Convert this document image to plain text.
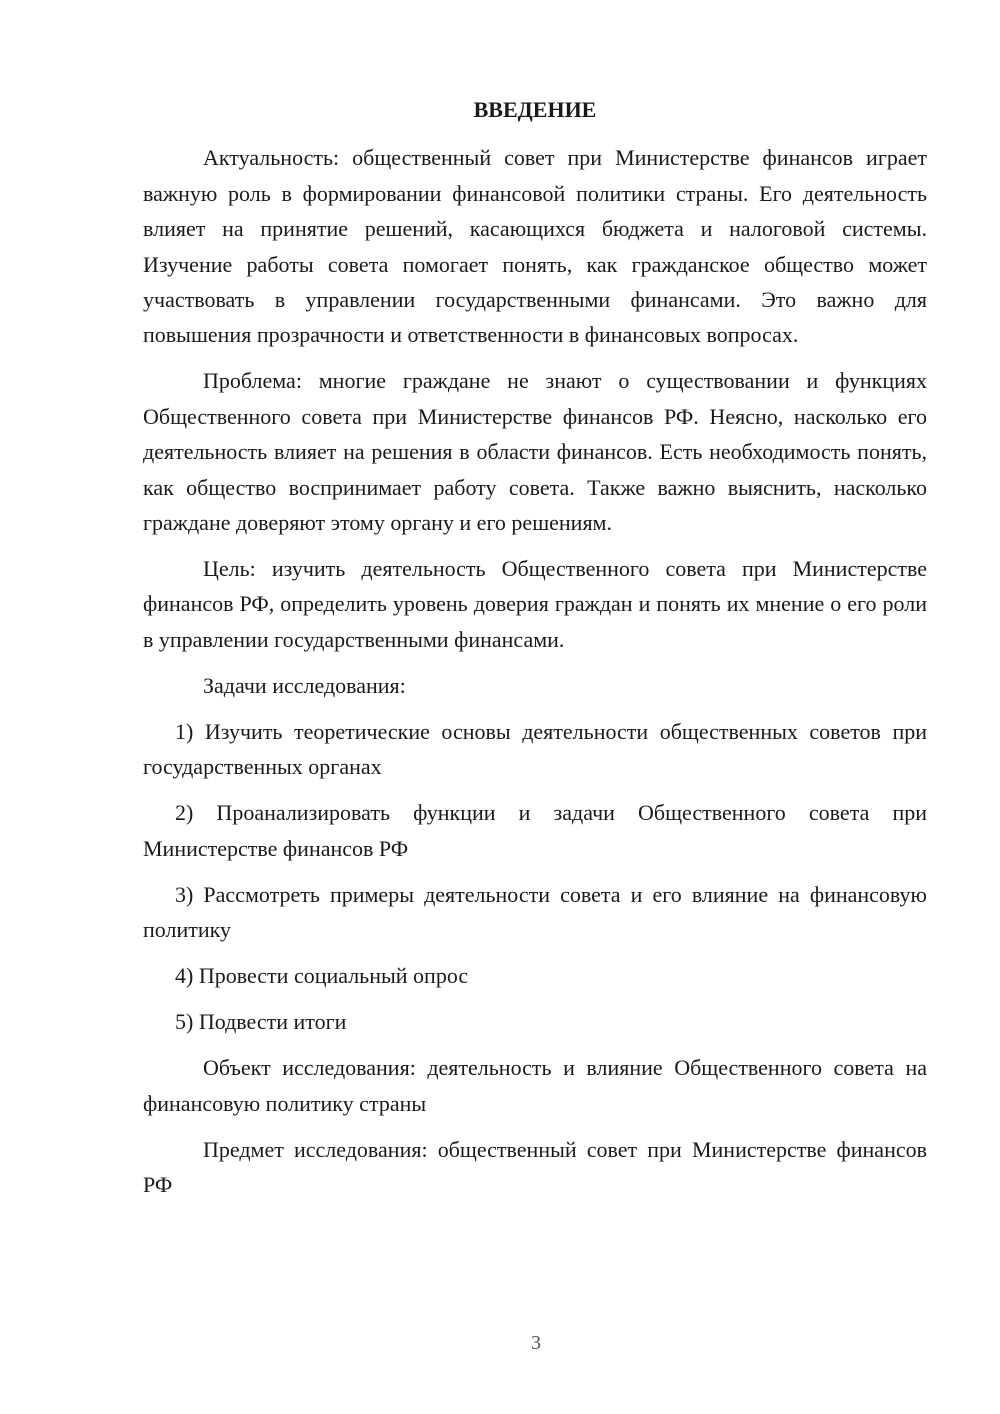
ВВЕДЕНИЕ

Актуальность: общественный совет при Министерстве финансов играет важную роль в формировании финансовой политики страны. Его деятельность влияет на принятие решений, касающихся бюджета и налоговой системы. Изучение работы совета помогает понять, как гражданское общество может участвовать в управлении государственными финансами. Это важно для повышения прозрачности и ответственности в финансовых вопросах.

Проблема: многие граждане не знают о существовании и функциях Общественного совета при Министерстве финансов РФ. Неясно, насколько его деятельность влияет на решения в области финансов. Есть необходимость понять, как общество воспринимает работу совета. Также важно выяснить, насколько граждане доверяют этому органу и его решениям.

Цель: изучить деятельность Общественного совета при Министерстве финансов РФ, определить уровень доверия граждан и понять их мнение о его роли в управлении государственными финансами.

Задачи исследования:

1) Изучить теоретические основы деятельности общественных советов при государственных органах

2) Проанализировать функции и задачи Общественного совета при Министерстве финансов РФ

3) Рассмотреть примеры деятельности совета и его влияние на финансовую политику

4) Провести социальный опрос

5) Подвести итоги

Объект исследования: деятельность и влияние Общественного совета на финансовую политику страны

Предмет исследования: общественный совет при Министерстве финансов РФ

3
